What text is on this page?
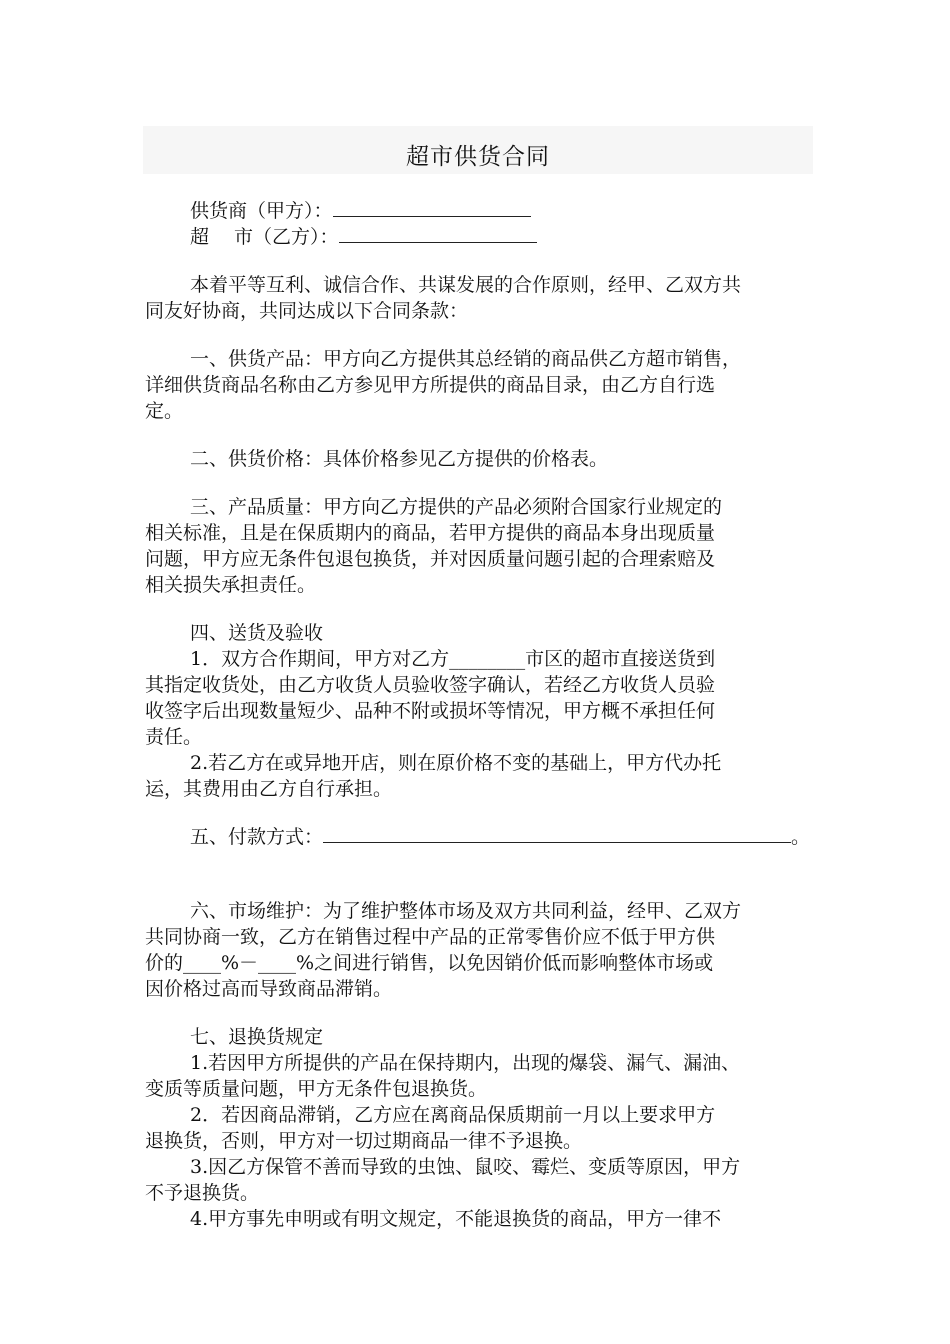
超市供货合同
供货商（甲方）：
超　 市（乙方）：
本着平等互利、诚信合作、共谋发展的合作原则，经甲、乙双方共
同友好协商，共同达成以下合同条款：
一、供货产品：甲方向乙方提供其总经销的商品供乙方超市销售，
详细供货商品名称由乙方参见甲方所提供的商品目录，由乙方自行选
定。
二、供货价格：具体价格参见乙方提供的价格表。
三、产品质量：甲方向乙方提供的产品必须附合国家行业规定的
相关标准，且是在保质期内的商品，若甲方提供的商品本身出现质量
问题，甲方应无条件包退包换货，并对因质量问题引起的合理索赔及
相关损失承担责任。
四、送货及验收
1．双方合作期间，甲方对乙方________市区的超市直接送货到
其指定收货处，由乙方收货人员验收签字确认，若经乙方收货人员验
收签字后出现数量短少、品种不附或损坏等情况，甲方概不承担任何
责任。
2.若乙方在或异地开店，则在原价格不变的基础上，甲方代办托
运，其费用由乙方自行承担。
五、付款方式：	。
六、市场维护：为了维护整体市场及双方共同利益，经甲、乙双方
共同协商一致，乙方在销售过程中产品的正常零售价应不低于甲方供
价的____%－____%之间进行销售，以免因销价低而影响整体市场或
因价格过高而导致商品滞销。
七、退换货规定
1.若因甲方所提供的产品在保持期内，出现的爆袋、漏气、漏油、
变质等质量问题，甲方无条件包退换货。
2．若因商品滞销，乙方应在离商品保质期前一月以上要求甲方
退换货，否则，甲方对一切过期商品一律不予退换。
3.因乙方保管不善而导致的虫蚀、鼠咬、霉烂、变质等原因，甲方
不予退换货。
4.甲方事先申明或有明文规定，不能退换货的商品，甲方一律不
